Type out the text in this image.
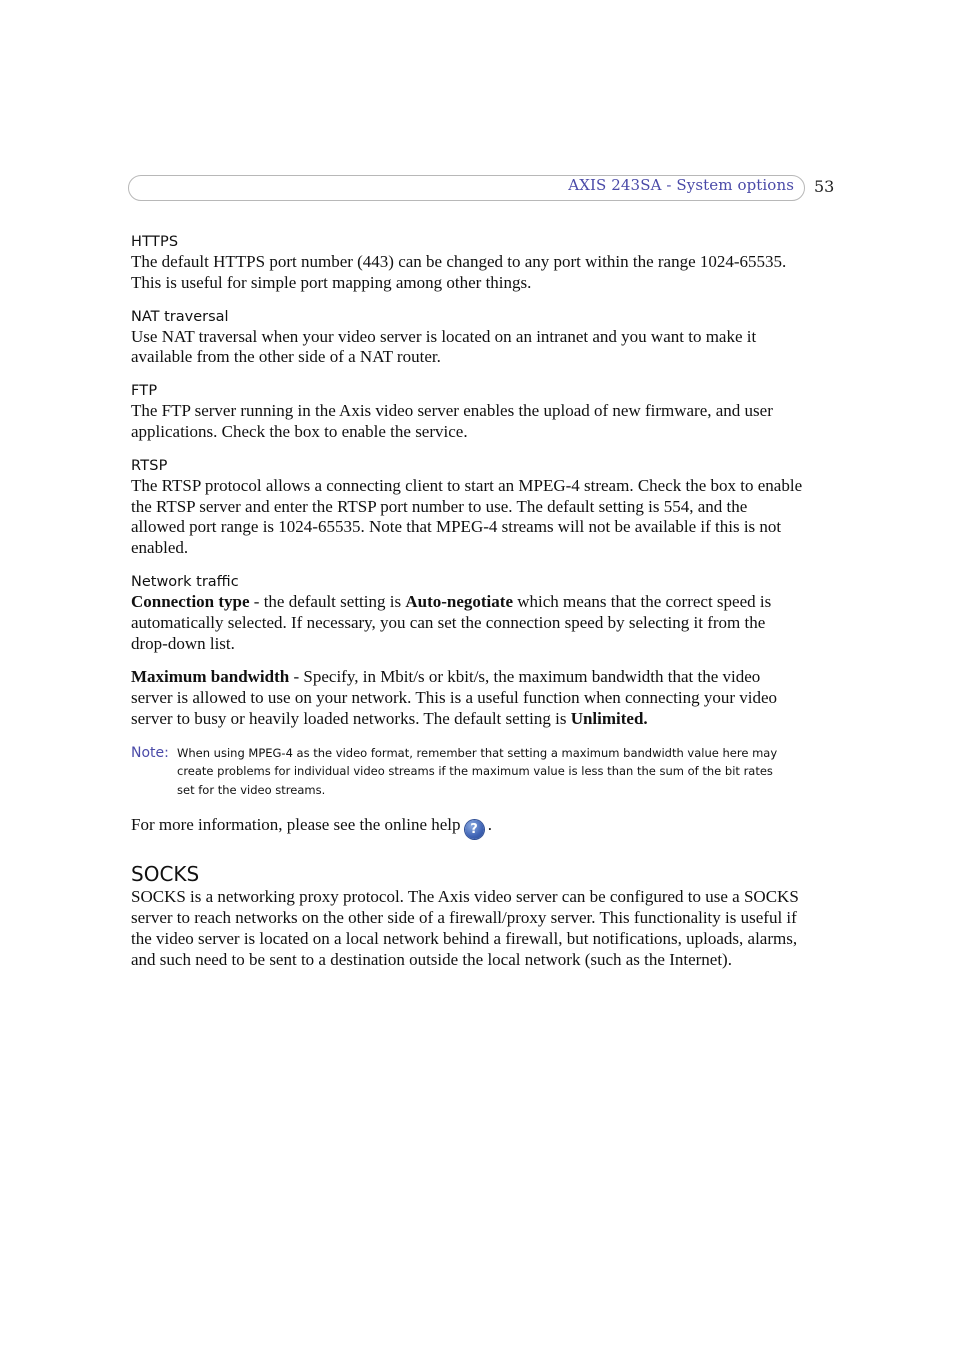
AXIS 243SA - System options 53
HTTPS

The default HTTPS port number (443) can be changed to any port within the range 1024-65535. This is useful for simple port mapping among other things.

NAT traversal

Use NAT traversal when your video server is located on an intranet and you want to make it available from the other side of a NAT router.

FTP

The FTP server running in the Axis video server enables the upload of new firmware, and user applications. Check the box to enable the service.

RTSP

The RTSP protocol allows a connecting client to start an MPEG-4 stream. Check the box to enable the RTSP server and enter the RTSP port number to use. The default setting is 554, and the allowed port range is 1024-65535. Note that MPEG-4 streams will not be available if this is not enabled.

Network traffic

Connection type - the default setting is Auto-negotiate which means that the correct speed is automatically selected. If necessary, you can set the connection speed by selecting it from the drop-down list.

Maximum bandwidth - Specify, in Mbit/s or kbit/s, the maximum bandwidth that the video server is allowed to use on your network. This is a useful function when connecting your video server to busy or heavily loaded networks. The default setting is Unlimited.

Note: When using MPEG-4 as the video format, remember that setting a maximum bandwidth value here may create problems for individual video streams if the maximum value is less than the sum of the bit rates set for the video streams.

For more information, please see the online help ? .

SOCKS

SOCKS is a networking proxy protocol. The Axis video server can be configured to use a SOCKS server to reach networks on the other side of a firewall/proxy server. This functionality is useful if the video server is located on a local network behind a firewall, but notifications, uploads, alarms, and such need to be sent to a destination outside the local network (such as the Internet).
